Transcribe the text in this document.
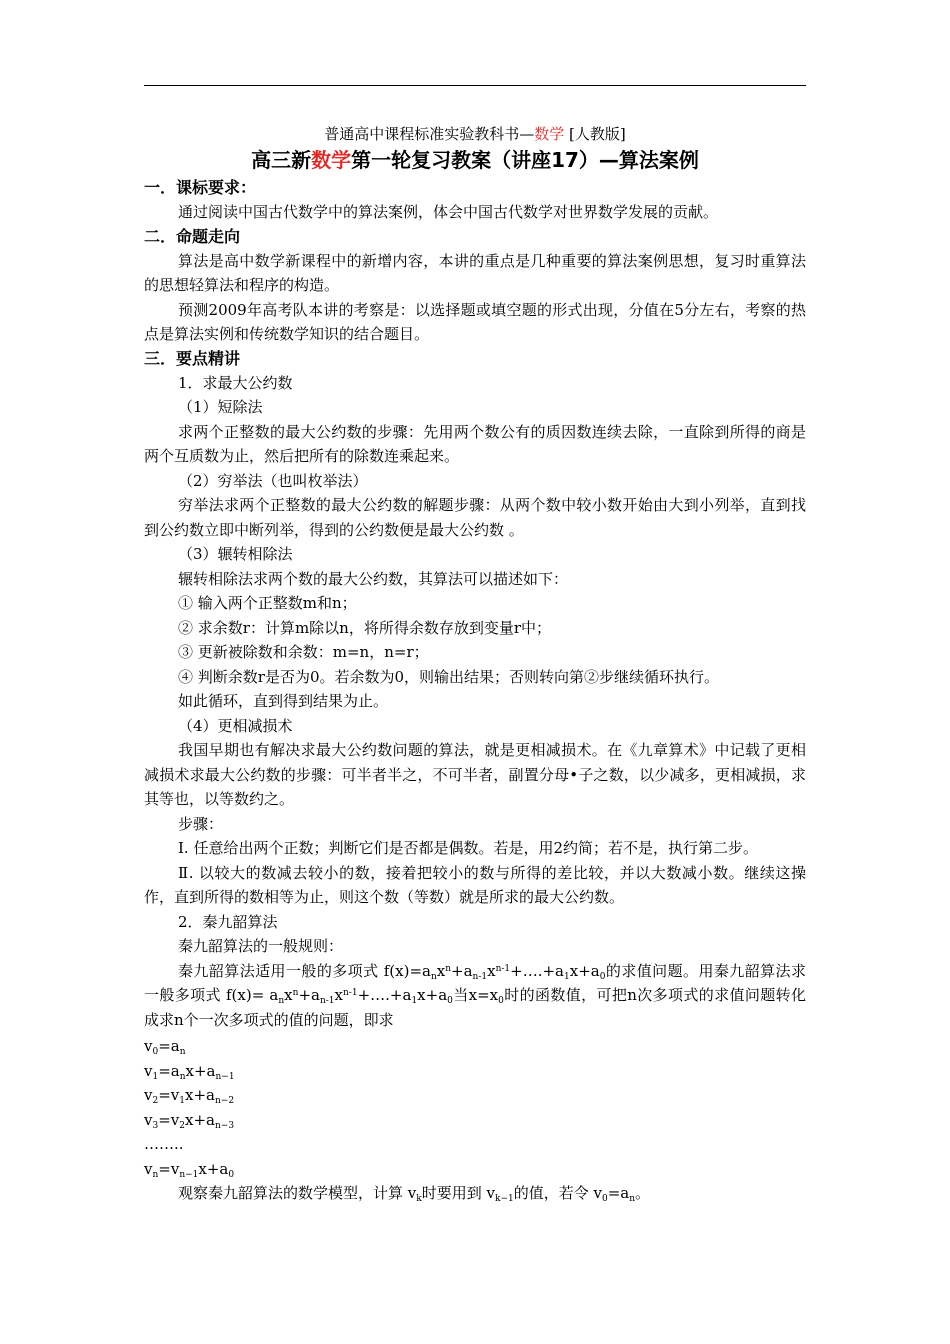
普通高中课程标准实验教科书—数学 [人教版]
高三新数学第一轮复习教案（讲座17）—算法案例
一．课标要求：
通过阅读中国古代数学中的算法案例，体会中国古代数学对世界数学发展的贡献。
二．命题走向
算法是高中数学新课程中的新增内容，本讲的重点是几种重要的算法案例思想，复习时重算法的思想轻算法和程序的构造。
预测2009年高考队本讲的考察是：以选择题或填空题的形式出现，分值在5分左右，考察的热点是算法实例和传统数学知识的结合题目。
三．要点精讲
1．求最大公约数
（1）短除法
求两个正整数的最大公约数的步骤：先用两个数公有的质因数连续去除，一直除到所得的商是两个互质数为止，然后把所有的除数连乘起来。
（2）穷举法（也叫枚举法）
穷举法求两个正整数的最大公约数的解题步骤：从两个数中较小数开始由大到小列举，直到找到公约数立即中断列举，得到的公约数便是最大公约数 。
（3）辗转相除法
辗转相除法求两个数的最大公约数，其算法可以描述如下：
① 输入两个正整数m和n；
② 求余数r：计算m除以n，将所得余数存放到变量r中；
③ 更新被除数和余数：m=n，n=r；
④ 判断余数r是否为0。若余数为0，则输出结果；否则转向第②步继续循环执行。
如此循环，直到得到结果为止。
（4）更相减损术
我国早期也有解决求最大公约数问题的算法，就是更相减损术。在《九章算术》中记载了更相减损术求最大公约数的步骤：可半者半之，不可半者，副置分母•子之数，以少减多，更相减损，求其等也，以等数约之。
步骤：
Ⅰ. 任意给出两个正数；判断它们是否都是偶数。若是，用2约简；若不是，执行第二步。
Ⅱ. 以较大的数减去较小的数，接着把较小的数与所得的差比较，并以大数减小数。继续这操作，直到所得的数相等为止，则这个数（等数）就是所求的最大公约数。
2．秦九韶算法
秦九韶算法的一般规则：
秦九韶算法适用一般的多项式 $f(x)=a_nx^n+a_{n-1}x^{n-1}+\dots.+a_1x+a_0$的求值问题。用秦九韶算法求一般多项式 $f(x)= a_nx^n+a_{n-1}x^{n-1}+\dots.+a_1x+a_0$当$x=x_0$时的函数值，可把n次多项式的求值问题转化成求n个一次多项式的值的问题，即求
$v_0=a_n$
$v_1=a_nx+a_{n-1}$
$v_2=v_1x+a_{n-2}$
$v_3=v_2x+a_{n-3}$
……..
$v_n=v_{n-1}x+a_0$
观察秦九韶算法的数学模型，计算 $v_k$时要用到 $v_{k-1}$的值，若令 $v_0=a_n$。
